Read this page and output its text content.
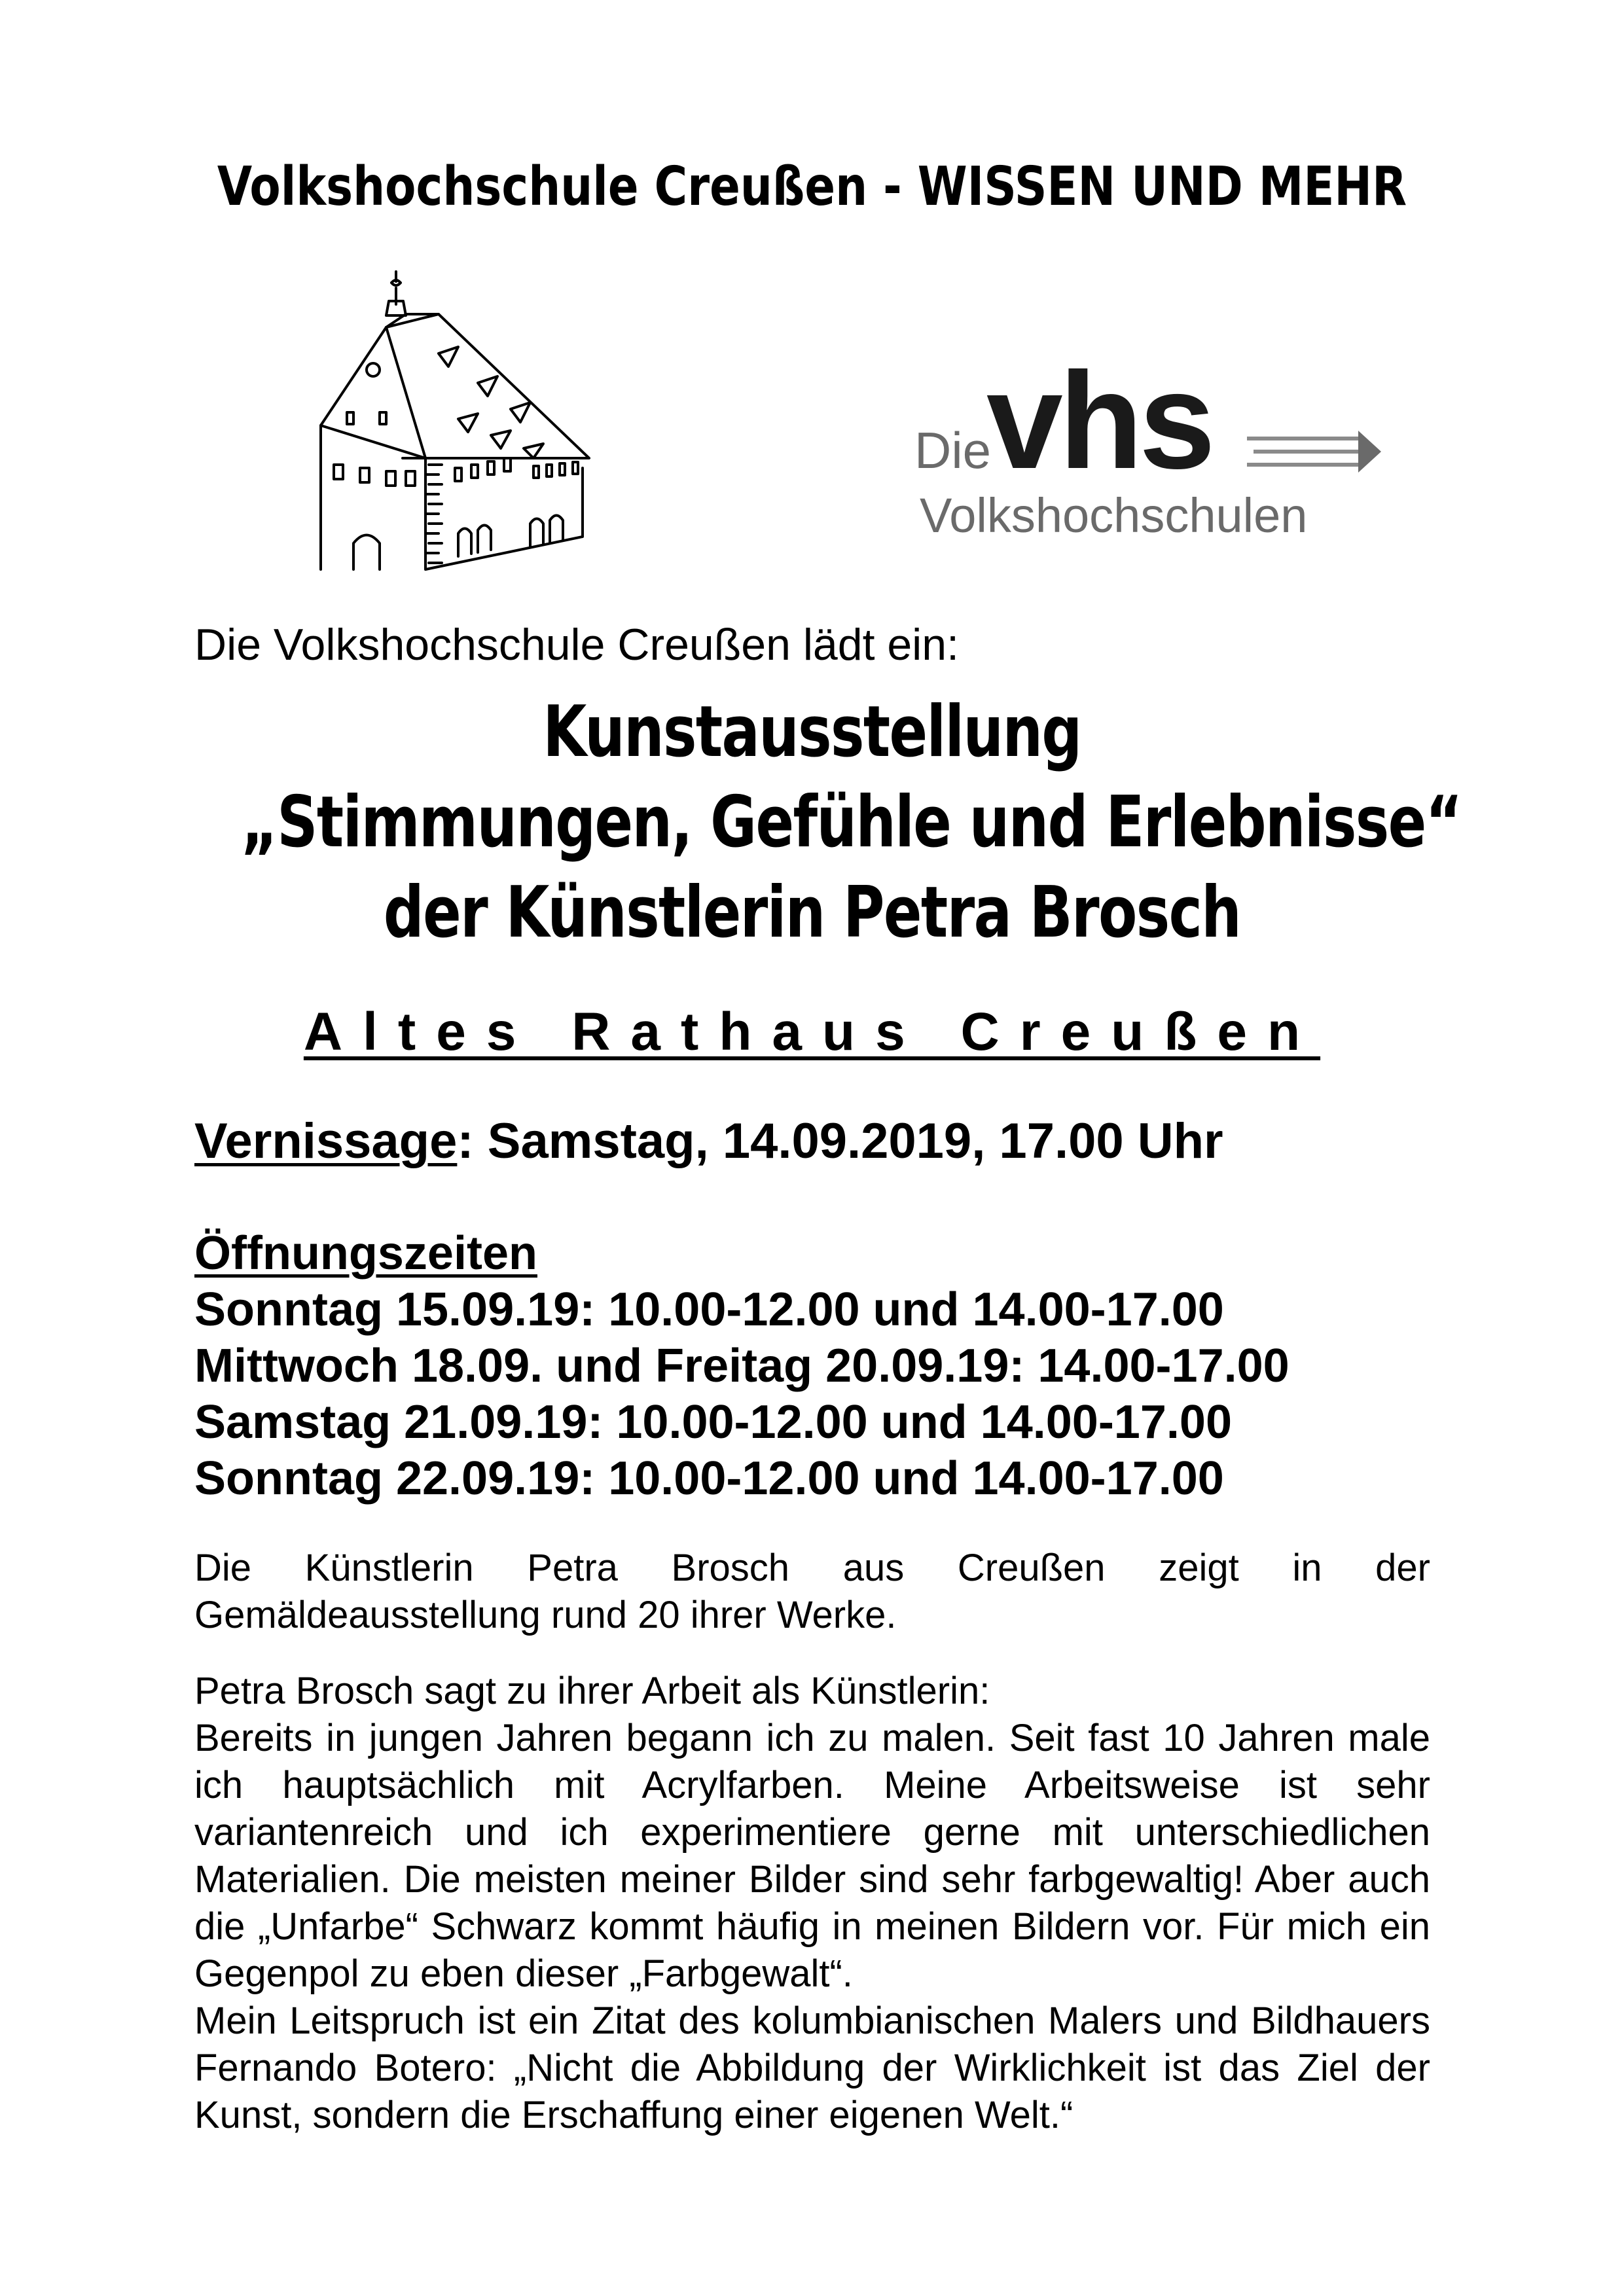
Volkshochschule Creußen - WISSEN UND MEHR
Die
vhs
Volkshochschulen
Die Volkshochschule Creußen lädt ein:
Kunstausstellung
„Stimmungen, Gefühle und Erlebnisse“
der Künstlerin Petra Brosch
Altes Rathaus Creußen
Vernissage: Samstag, 14.09.2019, 17.00 Uhr
Öffnungszeiten
Sonntag 15.09.19: 10.00-12.00 und 14.00-17.00
Mittwoch 18.09. und Freitag 20.09.19: 14.00-17.00
Samstag 21.09.19: 10.00-12.00 und 14.00-17.00
Sonntag 22.09.19: 10.00-12.00 und 14.00-17.00
Die Künstlerin Petra Brosch aus Creußen zeigt in der Gemäldeausstellung rund 20 ihrer Werke.
Petra Brosch sagt zu ihrer Arbeit als Künstlerin:
Bereits in jungen Jahren begann ich zu malen. Seit fast 10 Jahren male ich hauptsächlich mit Acrylfarben. Meine Arbeitsweise ist sehr variantenreich und ich experimentiere gerne mit unterschiedlichen Materialien. Die meisten meiner Bilder sind sehr farbgewaltig! Aber auch die „Unfarbe“ Schwarz kommt häufig in meinen Bildern vor. Für mich ein Gegenpol zu eben dieser „Farbgewalt“.
Mein Leitspruch ist ein Zitat des kolumbianischen Malers und Bildhauers Fernando Botero: „Nicht die Abbildung der Wirklichkeit ist das Ziel der Kunst, sondern die Erschaffung einer eigenen Welt.“
